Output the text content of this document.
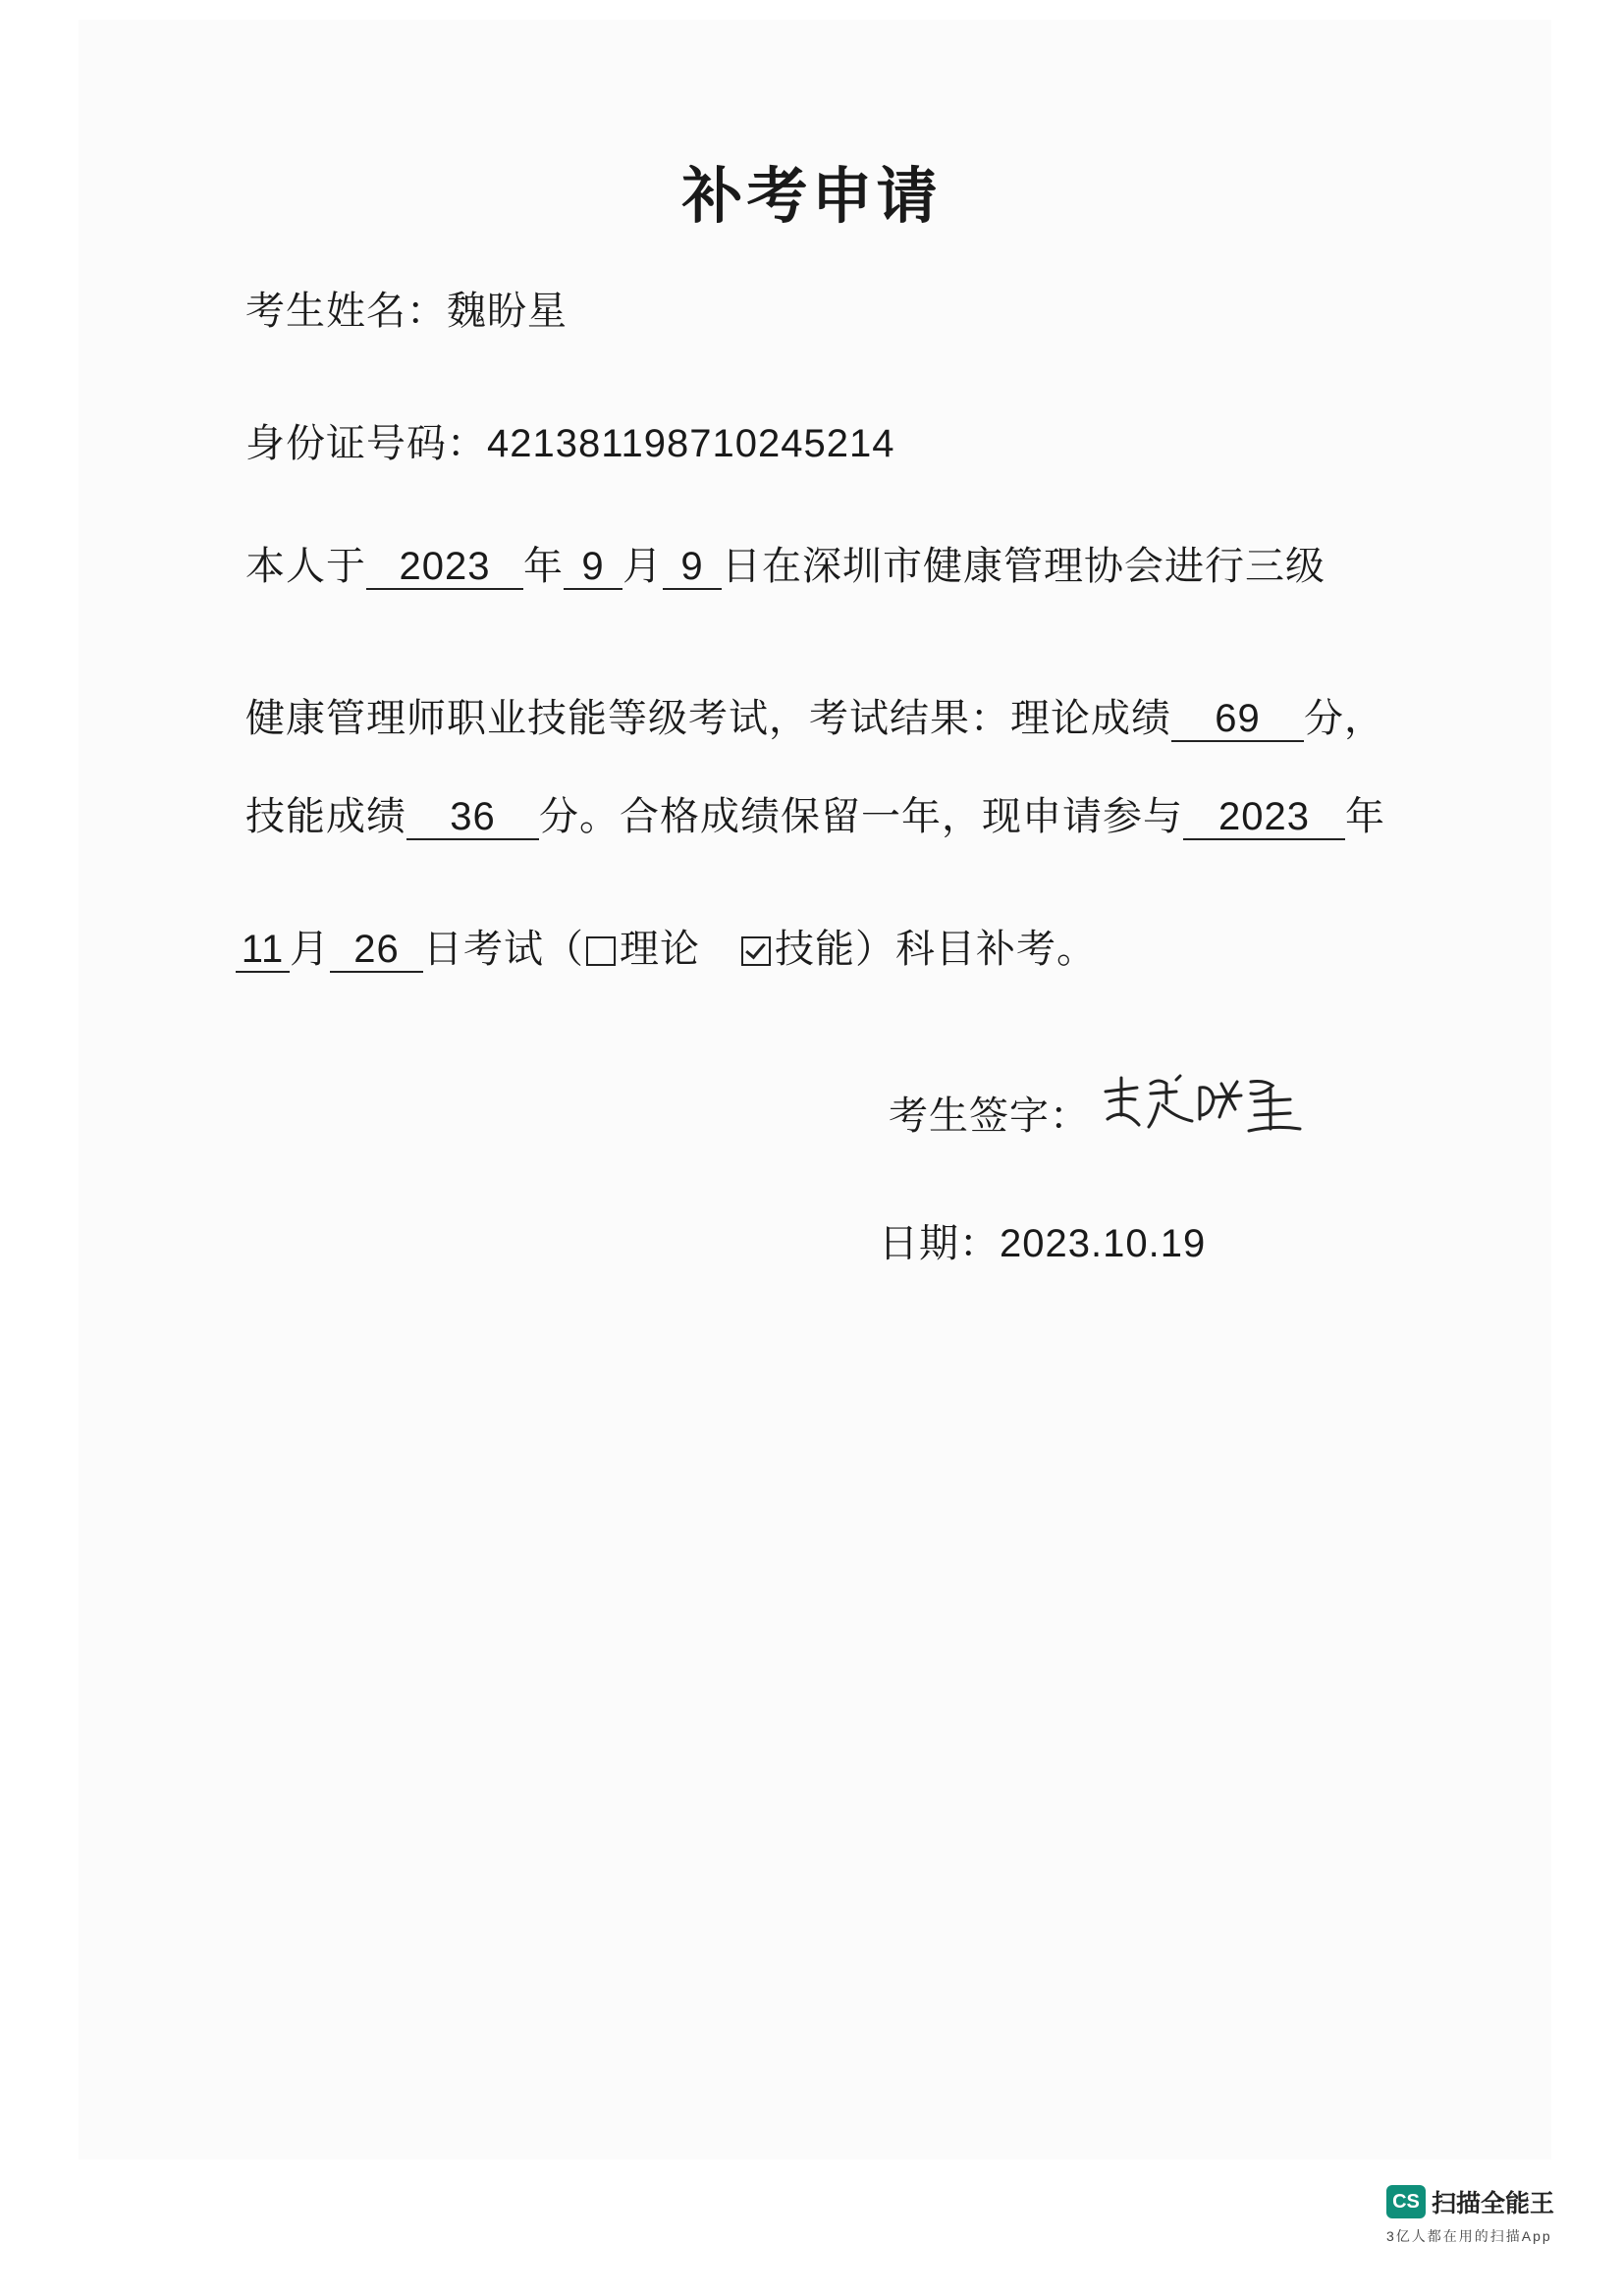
补考申请
考生姓名：魏盼星
身份证号码：421381198710245214
本人于 2023 年 9 月 9 日在深圳市健康管理协会进行三级
健康管理师职业技能等级考试，考试结果：理论成绩 69 分，
技能成绩 36 分。合格成绩保留一年，现申请参与 2023 年
11 月 26 日考试（ 理论 技能）科目补考。
考生签字：
日期：2023.10.19
CS 扫描全能王
3亿人都在用的扫描App
